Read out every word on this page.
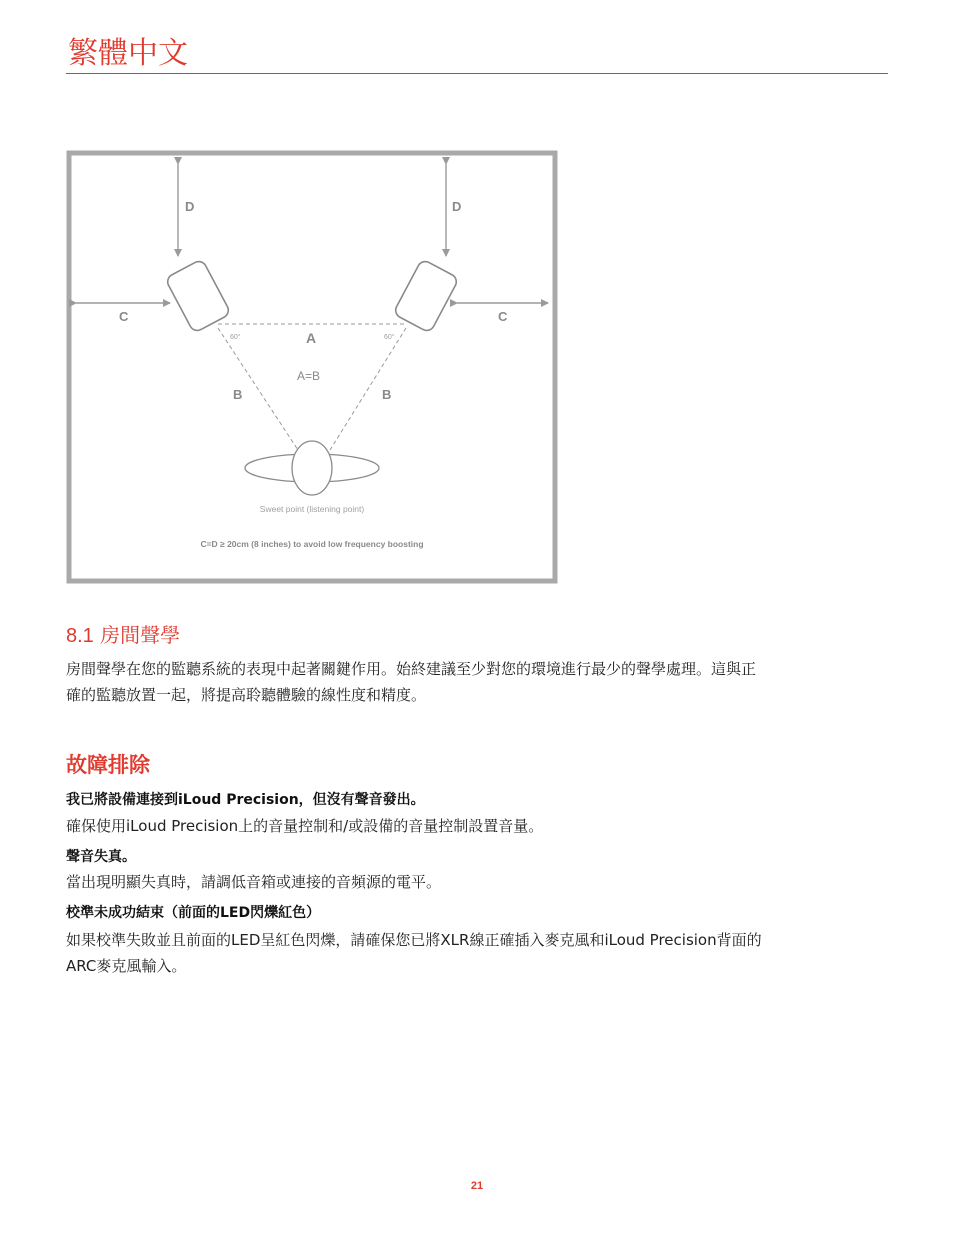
繁體中文
D	D
C	C
60°	60°
A
A=B
B	B
Sweet point (listening point)
C=D ≥ 20cm (8 inches) to avoid low frequency boosting
8.1 房間聲學
房間聲學在您的監聽系統的表現中起著關鍵作用。始終建議至少對您的環境進行最少的聲學處理。這與正
確的監聽放置一起，將提高聆聽體驗的線性度和精度。
故障排除
我已將設備連接到iLoud Precision，但沒有聲音發出。
確保使用iLoud Precision上的音量控制和/或設備的音量控制設置音量。
聲音失真。
當出現明顯失真時，請調低音箱或連接的音頻源的電平。
校準未成功結束（前面的LED閃爍紅色）
如果校準失敗並且前面的LED呈紅色閃爍，請確保您已將XLR線正確插入麥克風和iLoud Precision背面的
ARC麥克風輸入。
21
